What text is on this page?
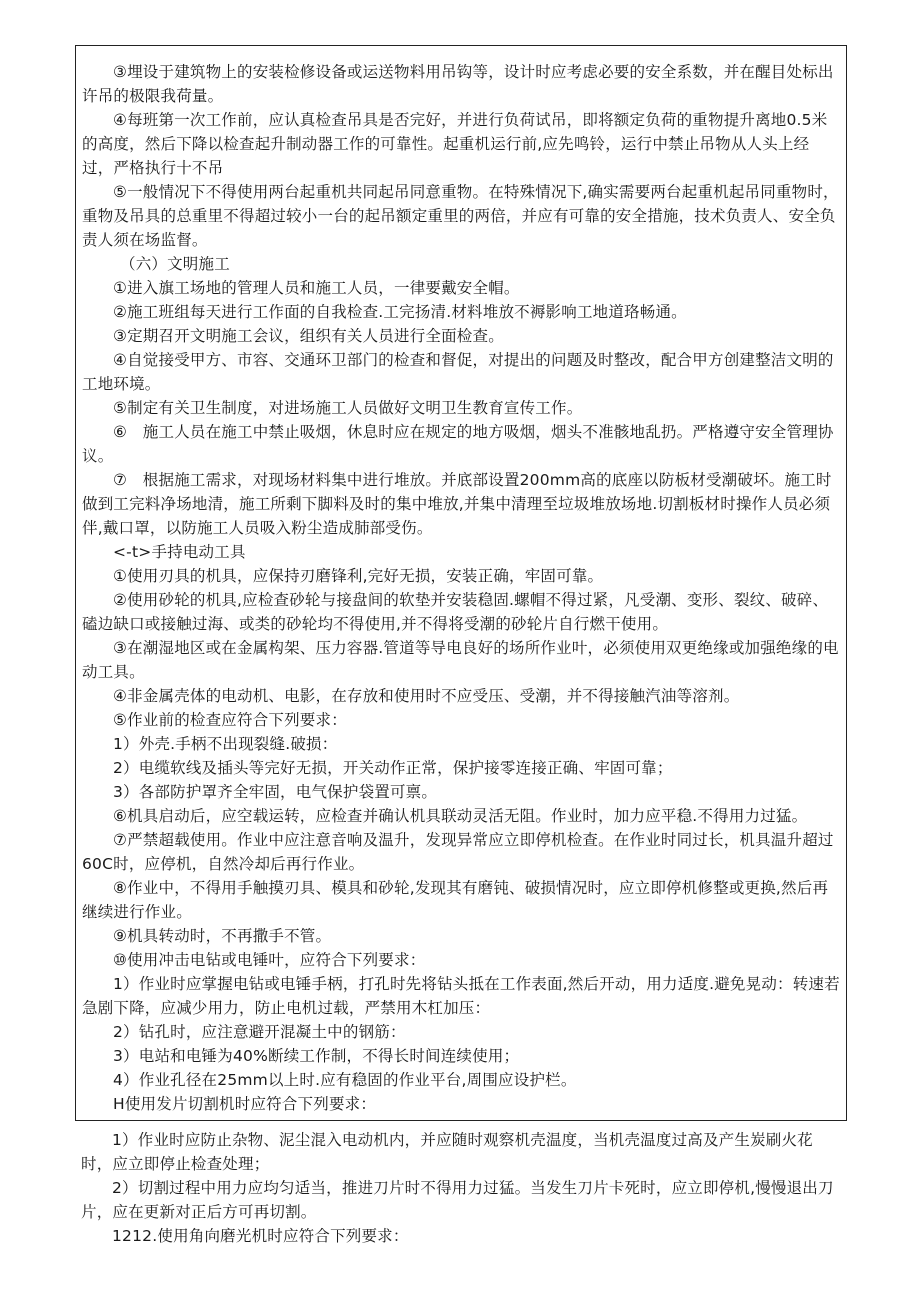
③埋设于建筑物上的安装检修设备或运送物料用吊钩等，设计时应考虑必要的安全系数，并在醒目处标出许吊的极限我荷量。

④每班第一次工作前，应认真检查吊具是否完好，并进行负荷试吊，即将额定负荷的重物提升离地0.5米的高度，然后下降以检查起升制动器工作的可靠性。起重机运行前,应先鸣铃，运行中禁止吊物从人头上经过，严格执行十不吊

⑤一般情况下不得使用两台起重机共同起吊同意重物。在特殊情况下,确实需要两台起重机起吊同重物时，重物及吊具的总重里不得超过较小一台的起吊额定重里的两倍，并应有可靠的安全措施，技术负责人、安全负责人须在场监督。

（六）文明施工

①进入旗工场地的管理人员和施工人员，一律要戴安全帽。

②施工班组每天进行工作面的自我检查.工完扬清.材料堆放不褥影响工地道珞畅通。

③定期召开文明施工会议，组织有关人员进行全面检查。

④自觉接受甲方、市容、交通环卫部门的检查和督促，对提出的问题及时整改，配合甲方创建整洁文明的工地环境。

⑤制定有关卫生制度，对进场施工人员做好文明卫生教育宣传工作。

⑥　施工人员在施工中禁止吸烟，休息时应在规定的地方吸烟，烟头不准骸地乱扔。严格遵守安全管理协议。

⑦　根据施工需求，对现场材料集中进行堆放。并底部设置200mm高的底座以防板材受潮破坏。施工时做到工完料净场地清，施工所剩下脚料及时的集中堆放,并集中清理至垃圾堆放场地.切割板材时操作人员必须伴,戴口罩，以防施工人员吸入粉尘造成肺部受伤。

<-t>手持电动工具

①使用刃具的机具，应保持刃磨锋利,完好无损，安装正确，牢固可靠。

②使用砂轮的机具,应检查砂轮与接盘间的软垫并安装稳固.螺帽不得过紧，凡受潮、变形、裂纹、破碎、磕边缺口或接触过海、或类的砂轮均不得使用,并不得将受潮的砂轮片自行燃干使用。

③在潮湿地区或在金属构架、压力容器.管道等导电良好的场所作业叶，必须使用双更绝缘或加强绝缘的电动工具。

④非金属壳体的电动机、电影，在存放和使用时不应受压、受潮，并不得接触汽油等溶剂。

⑤作业前的检查应符合下列要求：

1）外壳.手柄不出现裂缝.破损：

2）电缆软线及插头等完好无损，开关动作正常，保护接零连接正确、牢固可靠；

3）各部防护罩齐全牢固，电气保护袋置可禀。

⑥机具启动后，应空载运转，应检查并确认机具联动灵活无阻。作业时，加力应平稳.不得用力过猛。

⑦严禁超载使用。作业中应注意音响及温升，发现异常应立即停机检查。在作业时同过长，机具温升超过60C时，应停机，自然冷却后再行作业。

⑧作业中，不得用手触摸刃具、模具和砂轮,发现其有磨钝、破损情况时，应立即停机修整或更换,然后再继续进行作业。

⑨机具转动时，不再撒手不管。

⑩使用冲击电钻或电锤叶，应符合下列要求：

1）作业时应掌握电钻或电锤手柄，打孔时先将钻头抵在工作表面,然后开动，用力适度.避免晃动：转速若急剧下降，应减少用力，防止电机过载，严禁用木杠加压：

2）钻孔时，应注意避开混凝土中的钢筋：

3）电站和电锤为40%断续工作制，不得长时间连续使用；

4）作业孔径在25mm以上时.应有稳固的作业平台,周围应设护栏。

H使用发片切割机时应符合下列要求：

1）作业时应防止杂物、泥尘混入电动机内，并应随时观察机壳温度，当机壳温度过高及产生炭刷火花时，应立即停止检查处理；

2）切割过程中用力应均匀适当，推进刀片时不得用力过猛。当发生刀片卡死时，应立即停机,慢慢退出刀片，应在更新对正后方可再切割。

1212.使用角向磨光机时应符合下列要求：
